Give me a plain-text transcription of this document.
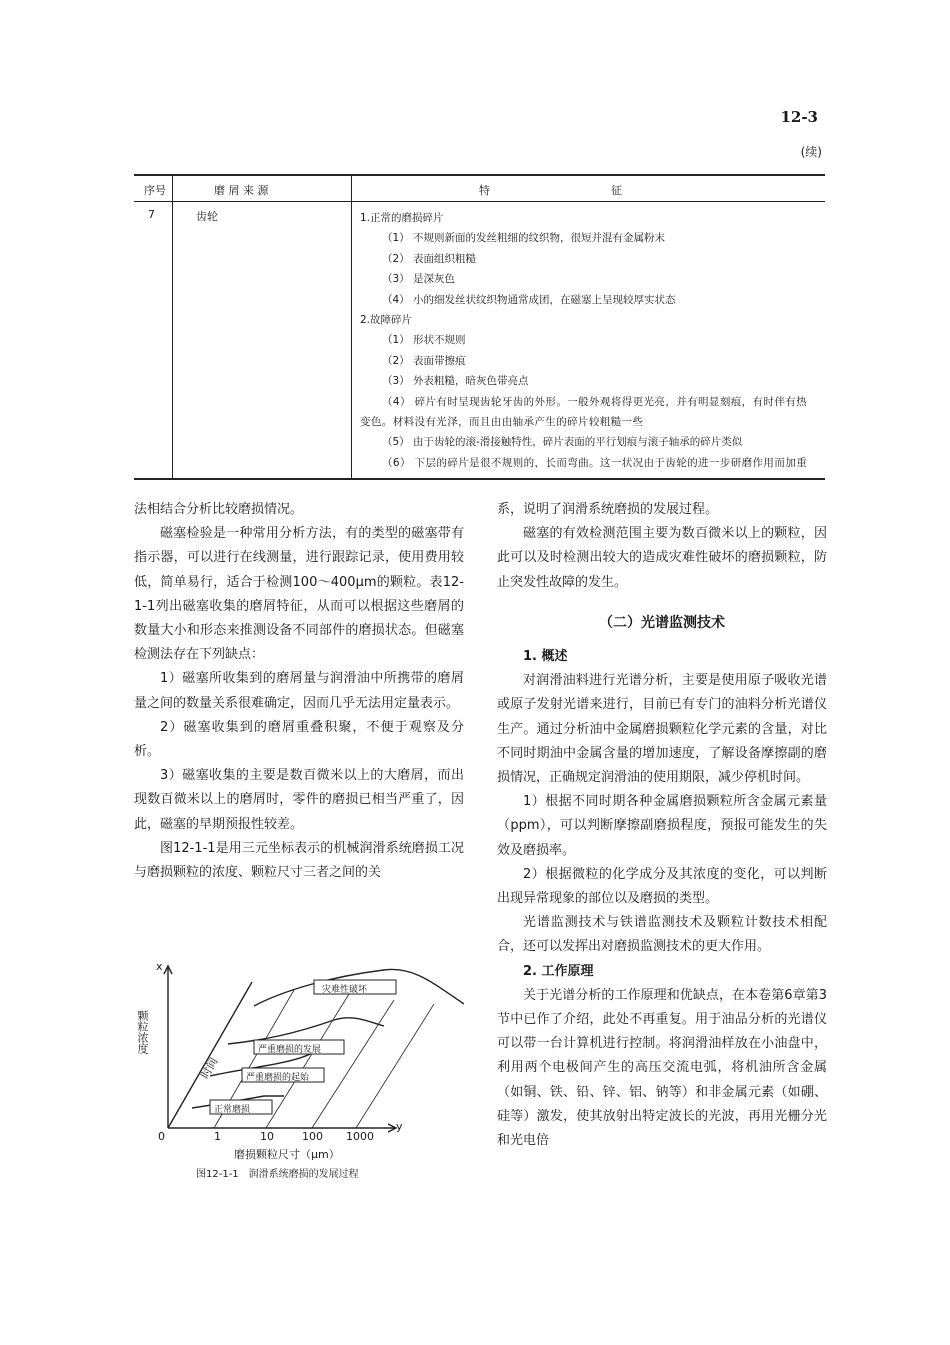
12-3
(续)
序号	磨 屑 来 源	特　　　　　　　　　　　征
7	齿轮	1.正常的磨损碎片
（1） 不规则新面的发丝粗细的纹织物，很短并混有金属粉末
（2） 表面组织粗糙
（3） 是深灰色
（4） 小的细发丝状纹织物通常成团，在磁塞上呈现较厚实状态
2.故障碎片
（1） 形状不规则
（2） 表面带擦痕
（3） 外表粗糙，暗灰色带亮点
（4） 碎片有时呈现齿轮牙齿的外形。一般外观将得更光亮，并有明显刻痕，有时伴有热变色。材料没有光泽，而且由由轴承产生的碎片较粗糙一些
（5） 由于齿轮的滚-滑接触特性，碎片表面的平行划痕与滚子轴承的碎片类似
（6） 下层的碎片是很不规则的，长而弯曲。这一状况由于齿轮的进一步研磨作用而加重

法相结合分析比较磨损情况。

磁塞检验是一种常用分析方法，有的类型的磁塞带有指示器，可以进行在线测量，进行跟踪记录，使用费用较低，简单易行，适合于检测100～400μm的颗粒。表12-1-1列出磁塞收集的磨屑特征，从而可以根据这些磨屑的数量大小和形态来推测设备不同部件的磨损状态。但磁塞检测法存在下列缺点：

1）磁塞所收集到的磨屑量与润滑油中所携带的磨屑量之间的数量关系很难确定，因而几乎无法用定量表示。

2）磁塞收集到的磨屑重叠积聚，不便于观察及分析。

3）磁塞收集的主要是数百微米以上的大磨屑，而出现数百微米以上的磨屑时，零件的磨损已相当严重了，因此，磁塞的早期预报性较差。

图12-1-1是用三元坐标表示的机械润滑系统磨损工况与磨损颗粒的浓度、颗粒尺寸三者之间的关

x
y
0
颗粒浓度
时间
1	10	100 1000
正常磨损
严重磨损的起始
严重磨损的发展
灾难性破坏
磨损颗粒尺寸（μm）
图12-1-1　润滑系统磨损的发展过程

系，说明了润滑系统磨损的发展过程。

磁塞的有效检测范围主要为数百微米以上的颗粒，因此可以及时检测出较大的造成灾难性破坏的磨损颗粒，防止突发性故障的发生。

（二）光谱监测技术
1. 概述

对润滑油料进行光谱分析，主要是使用原子吸收光谱或原子发射光谱来进行，目前已有专门的油料分析光谱仪生产。通过分析油中金属磨损颗粒化学元素的含量，对比不同时期油中金属含量的增加速度，了解设备摩擦副的磨损情况，正确规定润滑油的使用期限，减少停机时间。

1）根据不同时期各种金属磨损颗粒所含金属元素量（ppm），可以判断摩擦副磨损程度，预报可能发生的失效及磨损率。

2）根据微粒的化学成分及其浓度的变化，可以判断出现异常现象的部位以及磨损的类型。

光谱监测技术与铁谱监测技术及颗粒计数技术相配合，还可以发挥出对磨损监测技术的更大作用。

2. 工作原理

关于光谱分析的工作原理和优缺点，在本卷第6章第3节中已作了介绍，此处不再重复。用于油品分析的光谱仪可以带一台计算机进行控制。将润滑油样放在小油盘中，利用两个电极间产生的高压交流电弧，将机油所含金属（如铜、铁、铅、锌、铝、钠等）和非金属元素（如硼、硅等）激发，使其放射出特定波长的光波，再用光栅分光和光电倍
